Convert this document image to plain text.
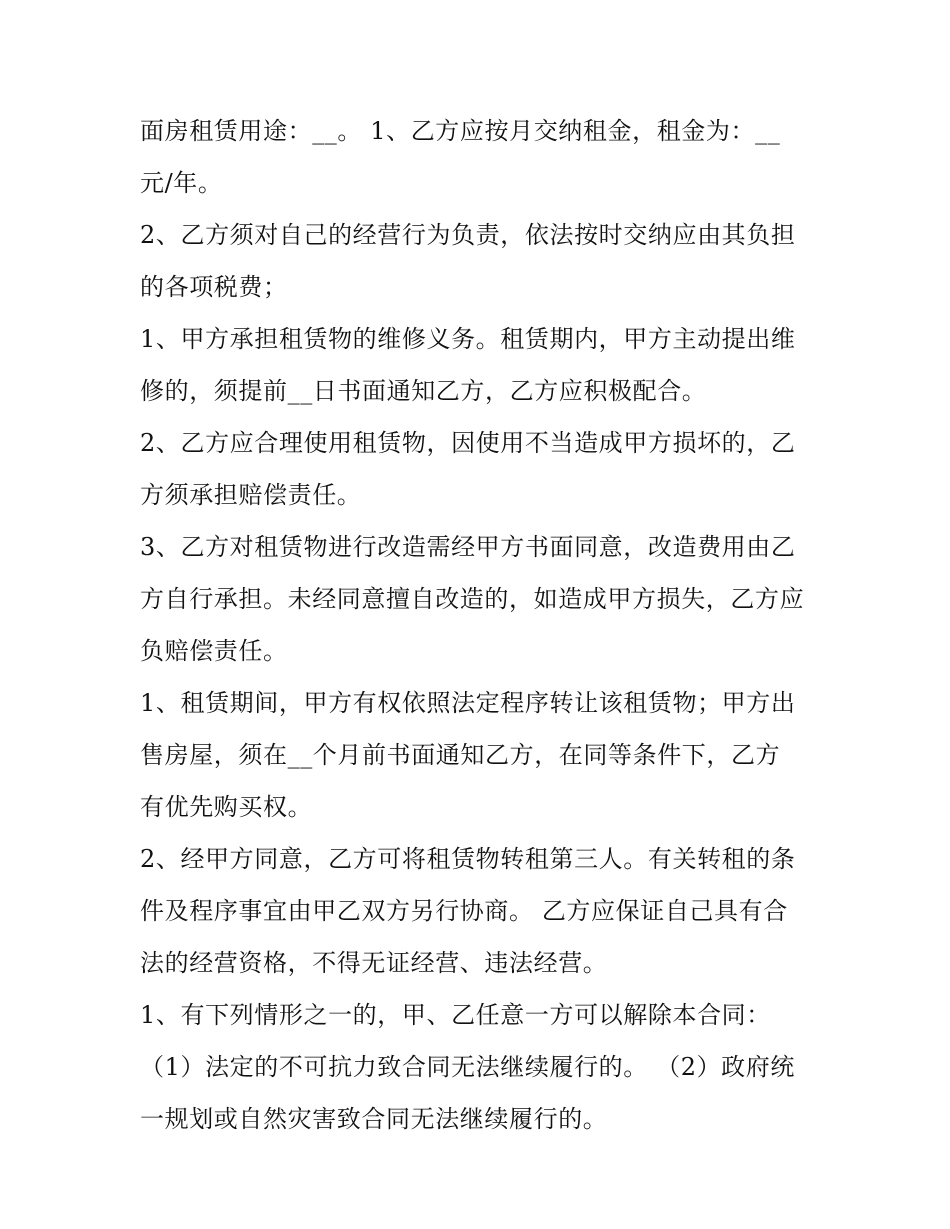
面房租赁用途：__。 1、乙方应按月交纳租金，租金为：__
元/年。

2、乙方须对自己的经营行为负责，依法按时交纳应由其负担
的各项税费；

1、甲方承担租赁物的维修义务。租赁期内，甲方主动提出维
修的，须提前__日书面通知乙方，乙方应积极配合。

2、乙方应合理使用租赁物，因使用不当造成甲方损坏的，乙
方须承担赔偿责任。

3、乙方对租赁物进行改造需经甲方书面同意，改造费用由乙
方自行承担。未经同意擅自改造的，如造成甲方损失，乙方应
负赔偿责任。

1、租赁期间，甲方有权依照法定程序转让该租赁物；甲方出
售房屋，须在__个月前书面通知乙方，在同等条件下，乙方
有优先购买权。

2、经甲方同意，乙方可将租赁物转租第三人。有关转租的条
件及程序事宜由甲乙双方另行协商。 乙方应保证自己具有合
法的经营资格，不得无证经营、违法经营。

1、有下列情形之一的，甲、乙任意一方可以解除本合同：

（1）法定的不可抗力致合同无法继续履行的。 （2）政府统
一规划或自然灾害致合同无法继续履行的。
